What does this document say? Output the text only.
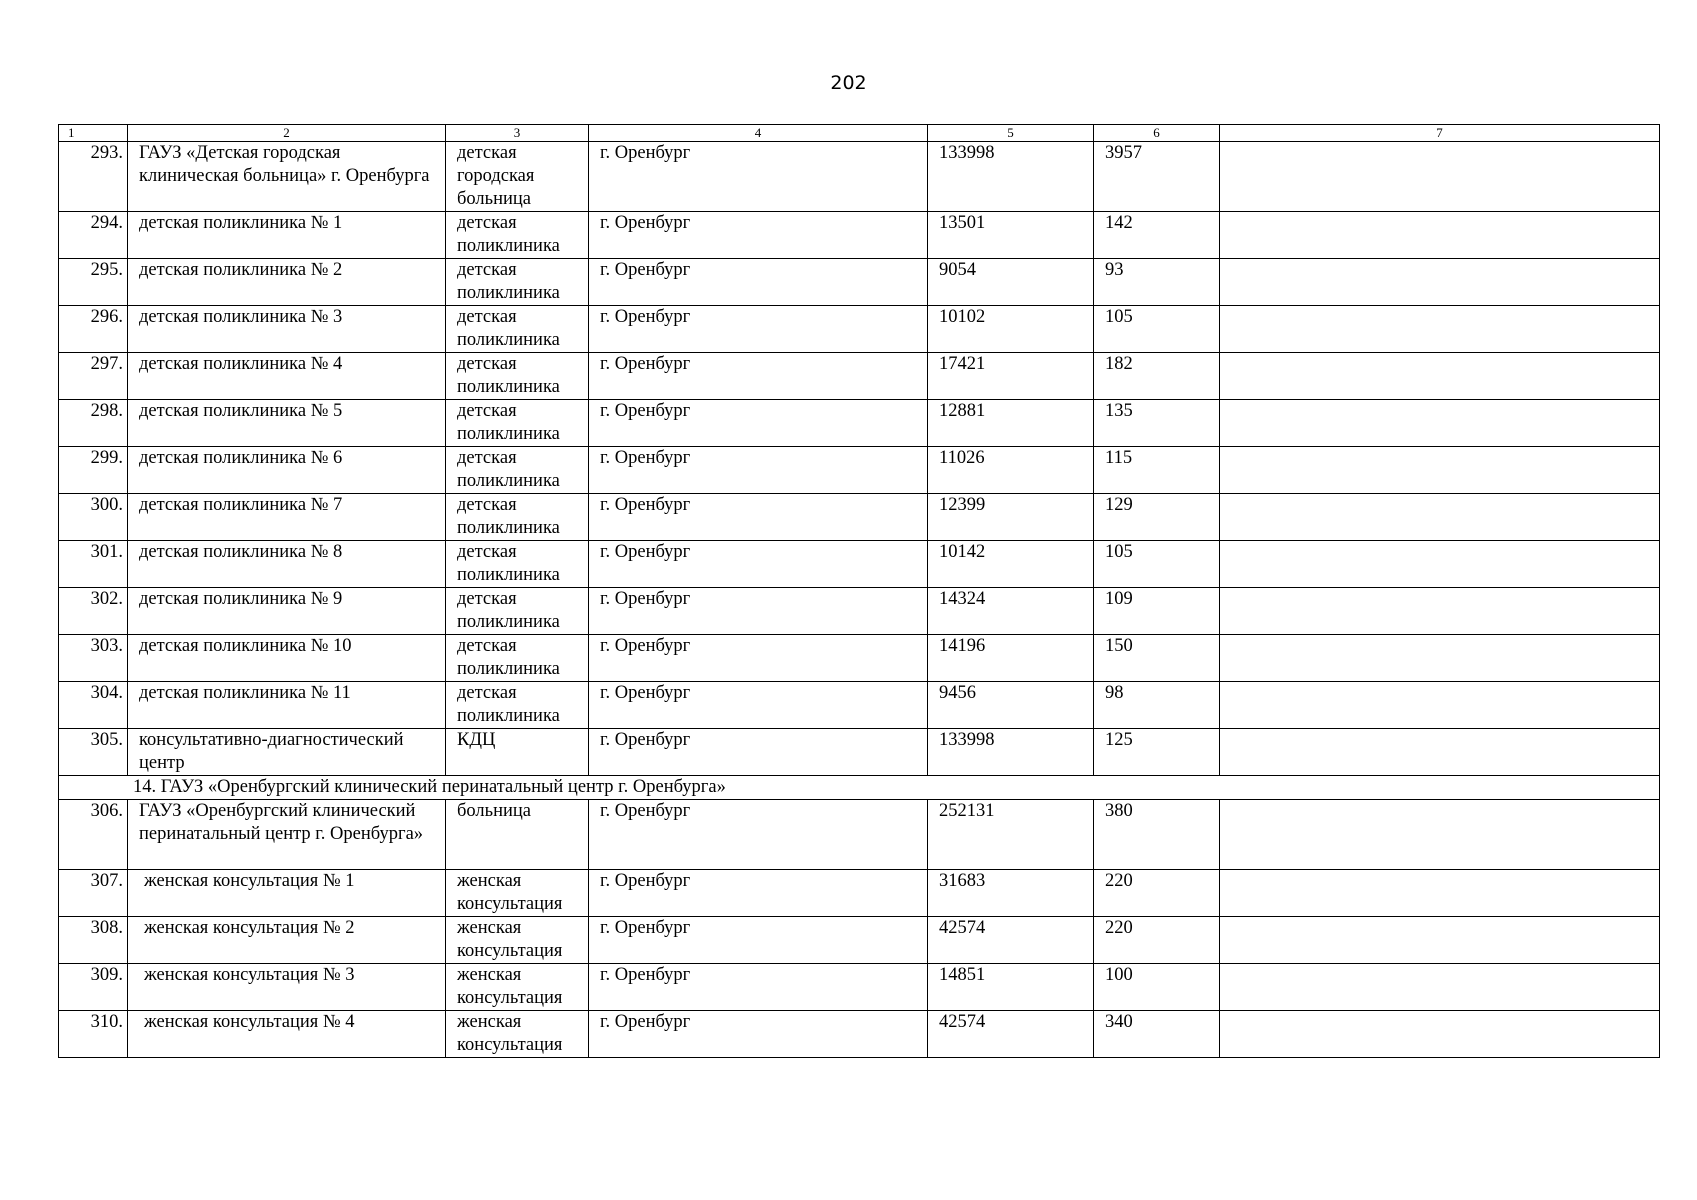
202
1	2	3	4	5	6	7
293.	ГАУЗ «Детская городская клиническая больница» г. Оренбурга	детская городская больница	г. Оренбург	133998	3957	
294.	детская поликлиника № 1	детская поликлиника	г. Оренбург	13501	142	
295.	детская поликлиника № 2	детская поликлиника	г. Оренбург	9054	93	
296.	детская поликлиника № 3	детская поликлиника	г. Оренбург	10102	105	
297.	детская поликлиника № 4	детская поликлиника	г. Оренбург	17421	182	
298.	детская поликлиника № 5	детская поликлиника	г. Оренбург	12881	135	
299.	детская поликлиника № 6	детская поликлиника	г. Оренбург	11026	115	
300.	детская поликлиника № 7	детская поликлиника	г. Оренбург	12399	129	
301.	детская поликлиника № 8	детская поликлиника	г. Оренбург	10142	105	
302.	детская поликлиника № 9	детская поликлиника	г. Оренбург	14324	109	
303.	детская поликлиника № 10	детская поликлиника	г. Оренбург	14196	150	
304.	детская поликлиника № 11	детская поликлиника	г. Оренбург	9456	98	
305.	консультативно-диагностический центр	КДЦ	г. Оренбург	133998	125	
14. ГАУЗ «Оренбургский клинический перинатальный центр г. Оренбурга»						
306.	ГАУЗ «Оренбургский клинический перинатальный центр г. Оренбурга»	больница	г. Оренбург	252131	380	
307.	женская консультация № 1	женская консультация	г. Оренбург	31683	220	
308.	женская консультация № 2	женская консультация	г. Оренбург	42574	220	
309.	женская консультация № 3	женская консультация	г. Оренбург	14851	100	
310.	женская консультация № 4	женская консультация	г. Оренбург	42574	340	
